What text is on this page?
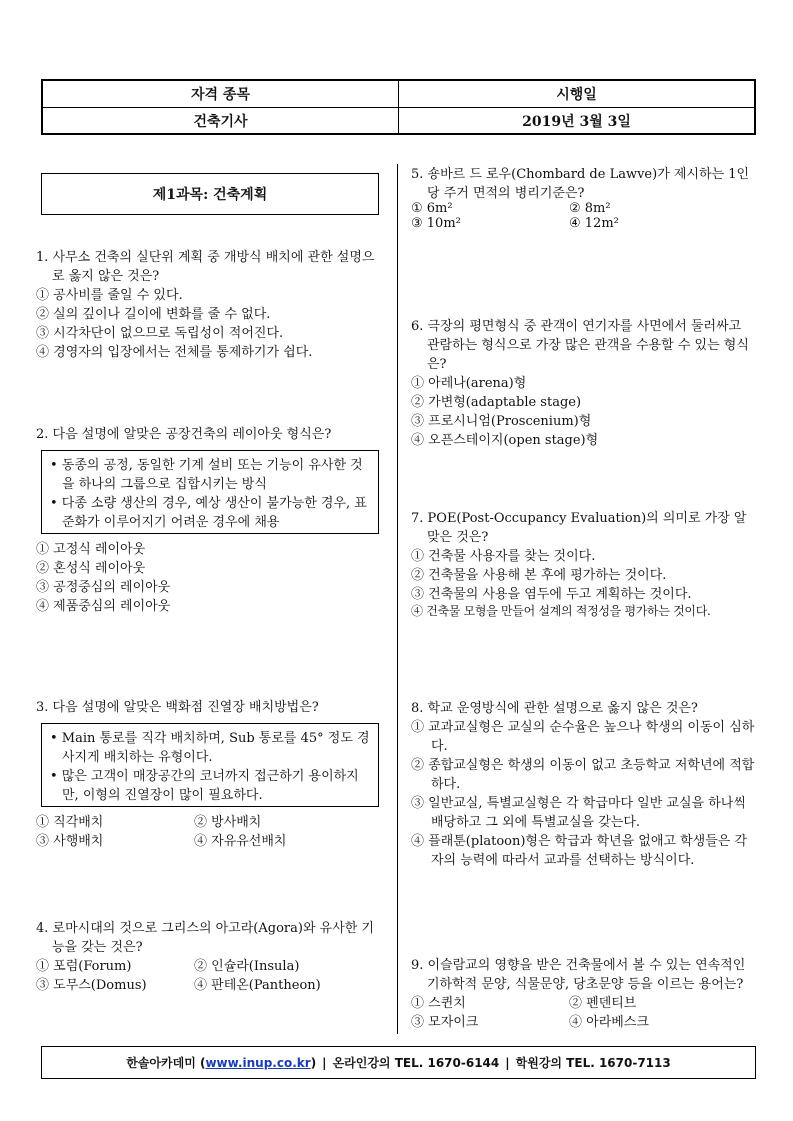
자격 종목	시행일
건축기사	2019년 3월 3일
제1과목: 건축계획

1. 사무소 건축의 실단위 계획 중 개방식 배치에 관한 설명으로 옳지 않은 것은?

① 공사비를 줄일 수 있다.

② 실의 깊이나 길이에 변화를 줄 수 없다.

③ 시각차단이 없으므로 독립성이 적어진다.

④ 경영자의 입장에서는 전체를 통제하기가 쉽다.

2. 다음 설명에 알맞은 공장건축의 레이아웃 형식은?

• 동종의 공정, 동일한 기계 설비 또는 기능이 유사한 것을 하나의 그룹으로 집합시키는 방식

• 다종 소량 생산의 경우, 예상 생산이 불가능한 경우, 표준화가 이루어지기 어려운 경우에 채용

① 고정식 레이아웃

② 혼성식 레이아웃

③ 공정중심의 레이아웃

④ 제품중심의 레이아웃

3. 다음 설명에 알맞은 백화점 진열장 배치방법은?

• Main 통로를 직각 배치하며, Sub 통로를 45° 정도 경사지게 배치하는 유형이다.

• 많은 고객이 매장공간의 코너까지 접근하기 용이하지만, 이형의 진열장이 많이 필요하다.

① 직각배치	② 방사배치

③ 사행배치	④ 자유유선배치

4. 로마시대의 것으로 그리스의 아고라(Agora)와 유사한 기능을 갖는 것은?

① 포럼(Forum)	② 인슐라(Insula)

③ 도무스(Domus)	④ 판테온(Pantheon)

5. 숑바르 드 로우(Chombard de Lawve)가 제시하는 1인당 주거 면적의 병리기준은?

① 6m²	② 8m²

③ 10m²	④ 12m²

6. 극장의 평면형식 중 관객이 연기자를 사면에서 둘러싸고 관람하는 형식으로 가장 많은 관객을 수용할 수 있는 형식은?

① 아레나(arena)형

② 가변형(adaptable stage)

③ 프로시니엄(Proscenium)형

④ 오픈스테이지(open stage)형

7. POE(Post-Occupancy Evaluation)의 의미로 가장 알맞은 것은?

① 건축물 사용자를 찾는 것이다.

② 건축물을 사용해 본 후에 평가하는 것이다.

③ 건축물의 사용을 염두에 두고 계획하는 것이다.

④ 건축물 모형을 만들어 설계의 적정성을 평가하는 것이다.

8. 학교 운영방식에 관한 설명으로 옳지 않은 것은?

① 교과교실형은 교실의 순수율은 높으나 학생의 이동이 심하다.

② 종합교실형은 학생의 이동이 없고 초등학교 저학년에 적합하다.

③ 일반교실, 특별교실형은 각 학급마다 일반 교실을 하나씩 배당하고 그 외에 특별교실을 갖는다.

④ 플래툰(platoon)형은 학급과 학년을 없애고 학생들은 각자의 능력에 따라서 교과를 선택하는 방식이다.

9. 이슬람교의 영향을 받은 건축물에서 볼 수 있는 연속적인 기하학적 문양, 식물문양, 당초문양 등을 이르는 용어는?

① 스퀸치	② 펜덴티브

③ 모자이크	④ 아라베스크

한솔아카데미 (www.inup.co.kr) | 온라인강의 TEL. 1670-6144 | 학원강의 TEL. 1670-7113
